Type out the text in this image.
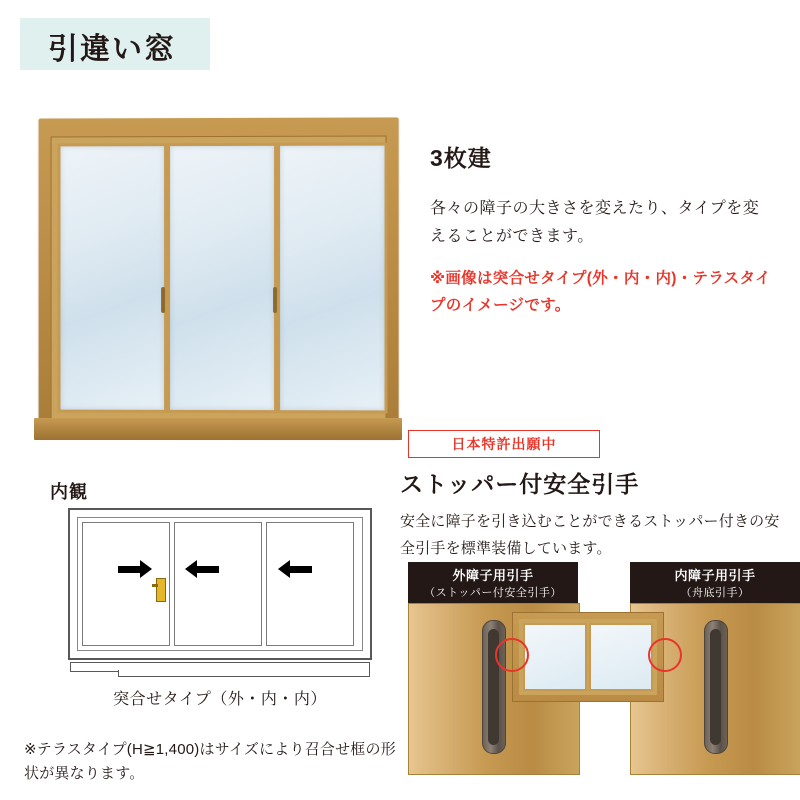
引違い窓
3枚建
各々の障子の大きさを変えたり、タイプを変えることができます。
※画像は突合せタイプ(外・内・内)・テラスタイプのイメージです。
日本特許出願中
ストッパー付安全引手
安全に障子を引き込むことができるストッパー付きの安全引手を標準装備しています。
内観
突合せタイプ（外・内・内）
※テラスタイプ(H≧1,400)はサイズにより召合せ框の形状が異なります。
外障子用引手
（ストッパー付安全引手）
内障子用引手
（舟底引手）
